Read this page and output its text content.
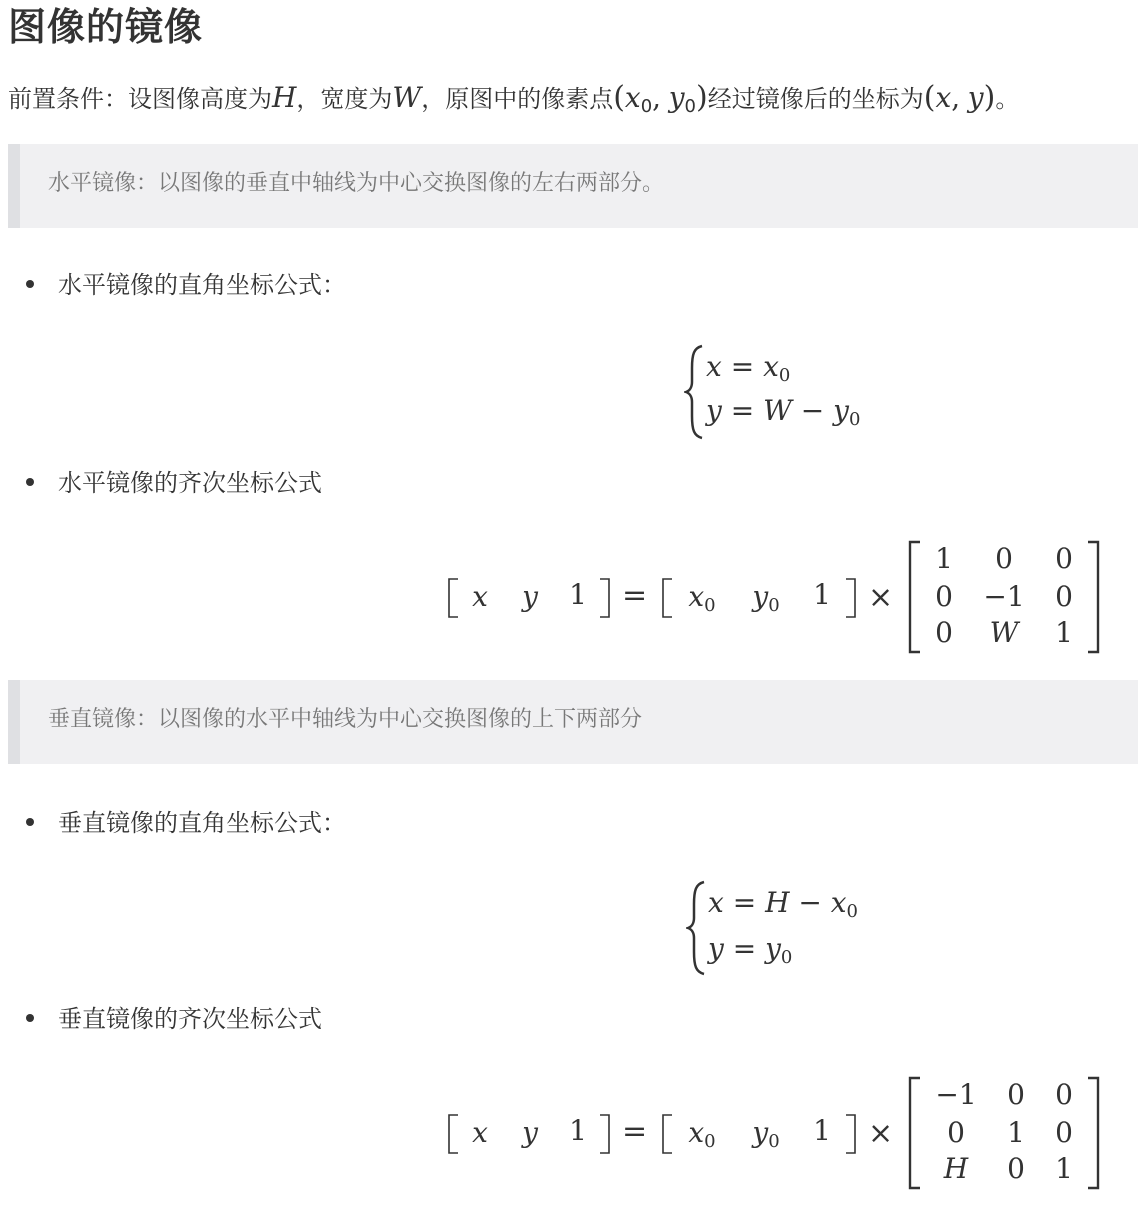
图像的镜像
前置条件：设图像高度为H，宽度为W，原图中的像素点($x_0$, $y_0$)经过镜像后的坐标为(x, y)。
水平镜像：以图像的垂直中轴线为中心交换图像的左右两部分。
水平镜像的直角坐标公式：
$x = x_0$
$y = W - y_0$
水平镜像的齐次坐标公式
x	y	1	=	$x_0$	$y_0$	1	×
1	0	0
0	−1	0
0	W	1
垂直镜像：以图像的水平中轴线为中心交换图像的上下两部分
垂直镜像的直角坐标公式：
$x = H - x_0$
$y = y_0$
垂直镜像的齐次坐标公式
x	y	1	=	$x_0$	$y_0$	1	×
−1	0	0
0	1	0
H	0	1
